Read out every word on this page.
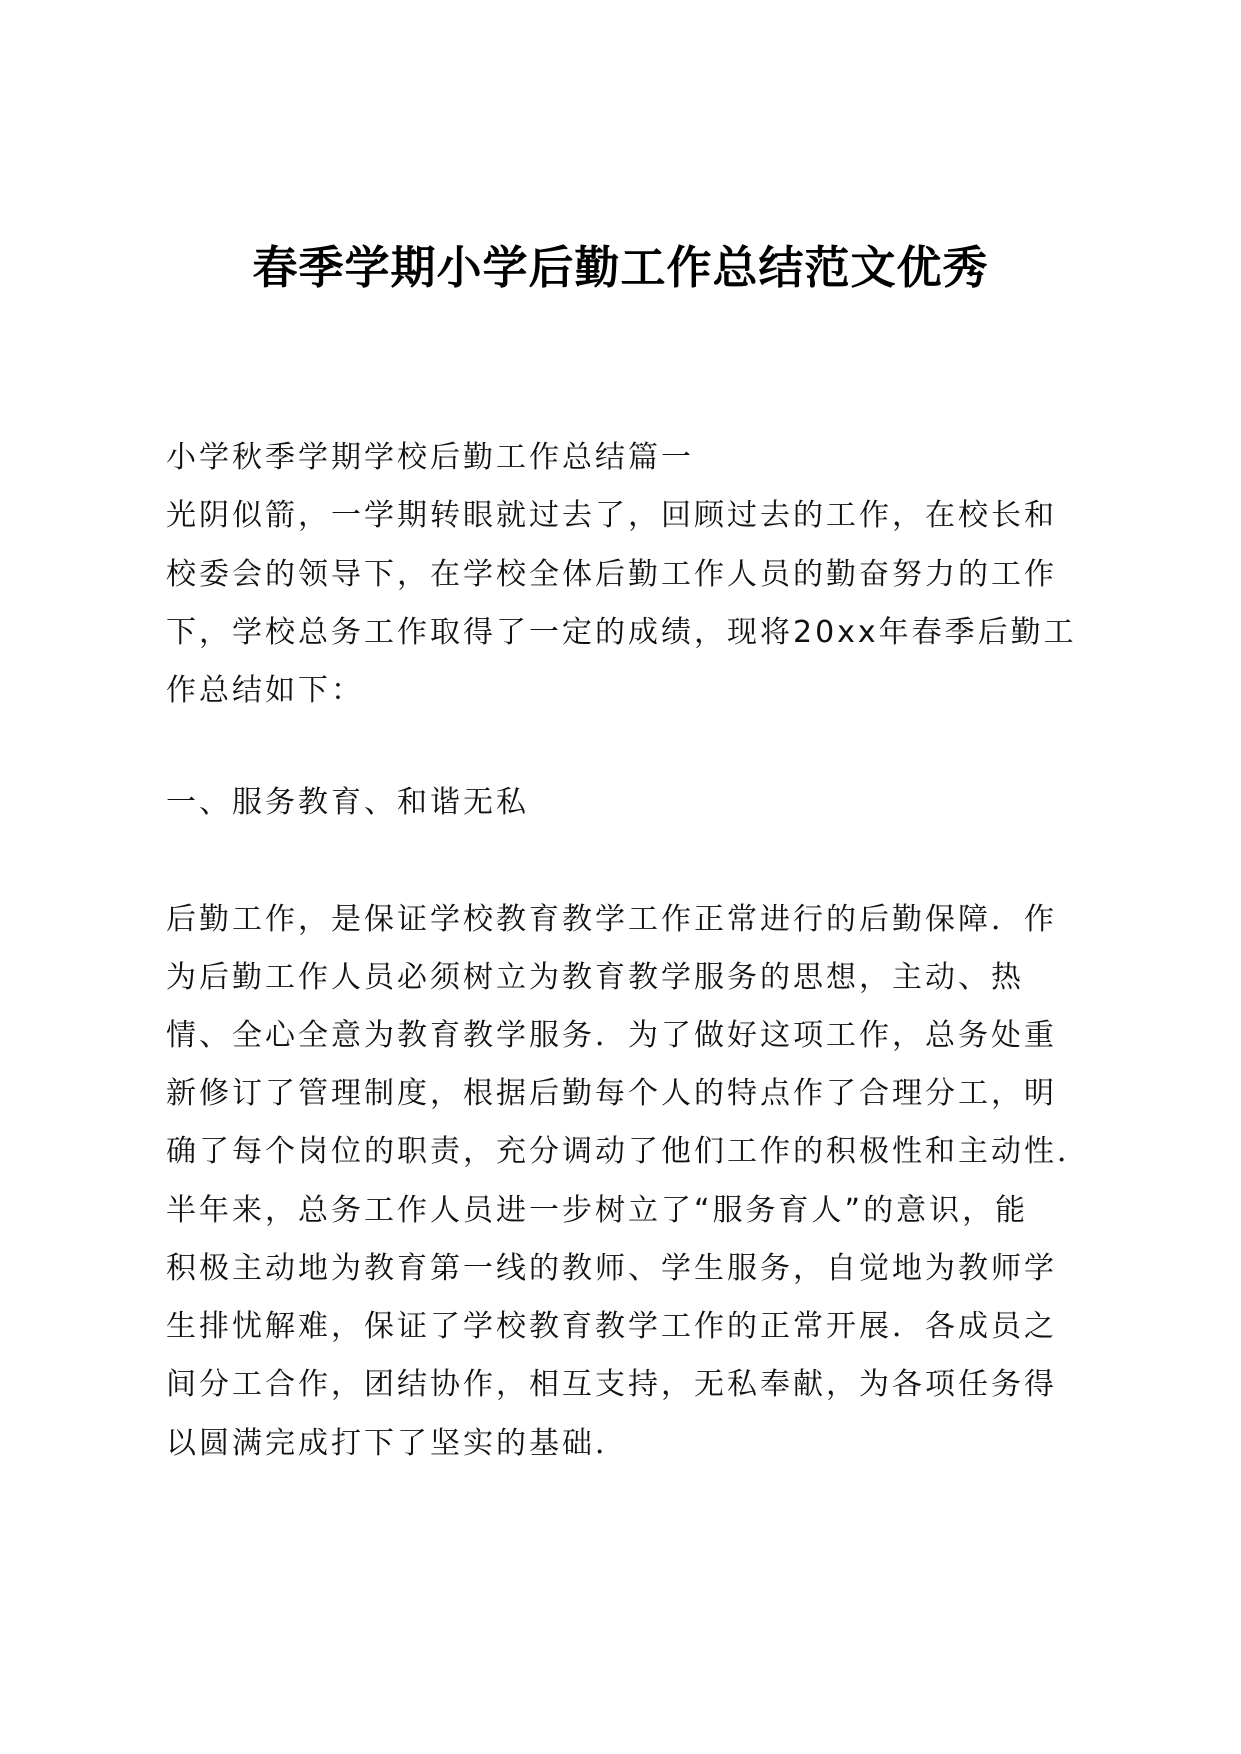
春季学期小学后勤工作总结范文优秀
小学秋季学期学校后勤工作总结篇一
光阴似箭，一学期转眼就过去了，回顾过去的工作，在校长和
校委会的领导下，在学校全体后勤工作人员的勤奋努力的工作
下，学校总务工作取得了一定的成绩，现将20xx年春季后勤工
作总结如下：
一、服务教育、和谐无私
后勤工作，是保证学校教育教学工作正常进行的后勤保障．作
为后勤工作人员必须树立为教育教学服务的思想，主动、热
情、全心全意为教育教学服务．为了做好这项工作，总务处重
新修订了管理制度，根据后勤每个人的特点作了合理分工，明
确了每个岗位的职责，充分调动了他们工作的积极性和主动性．
半年来，总务工作人员进一步树立了“服务育人”的意识，能
积极主动地为教育第一线的教师、学生服务，自觉地为教师学
生排忧解难，保证了学校教育教学工作的正常开展．各成员之
间分工合作，团结协作，相互支持，无私奉献，为各项任务得
以圆满完成打下了坚实的基础．
